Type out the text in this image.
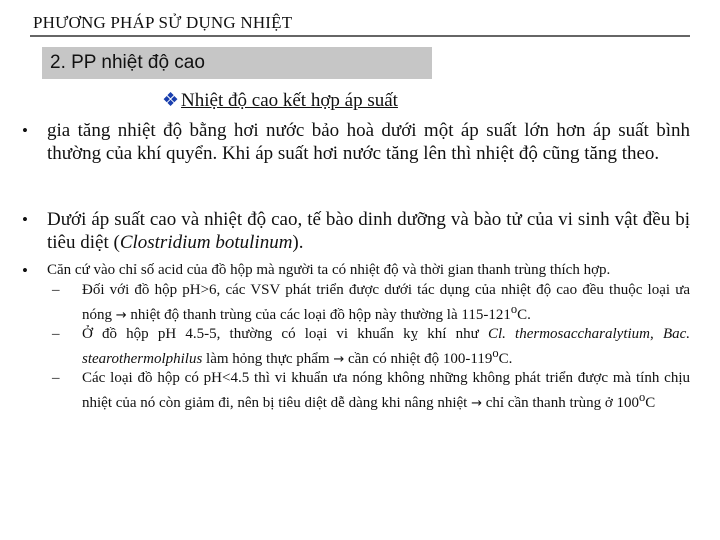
PHƯƠNG PHÁP SỬ DỤNG NHIỆT
2. PP nhiệt độ cao
❖ Nhiệt độ cao kết hợp áp suất
•	gia tăng nhiệt độ bằng hơi nước bảo hoà dưới một áp suất lớn hơn áp suất bình thường của khí quyển. Khi áp suất hơi nước tăng lên thì nhiệt độ cũng tăng theo.
•	Dưới áp suất cao và nhiệt độ cao, tế bào dinh dưỡng và bào tử của vi sinh vật đều bị tiêu diệt (Clostridium botulinum).
•	Căn cứ vào chỉ số acid của đồ hộp mà người ta có nhiệt độ và thời gian thanh trùng thích hợp.
–	Đối với đồ hộp pH>6, các VSV phát triển được dưới tác dụng của nhiệt độ cao đều thuộc loại ưa nóng → nhiệt độ thanh trùng của các loại đồ hộp này thường là 115-121$^o$C.
–	Ở đồ hộp pH 4.5-5, thường có loại vi khuẩn kỵ khí như Cl. thermosaccharalytium, Bac. stearothermolphilus làm hỏng thực phẩm → cần có nhiệt độ 100-119$^o$C.
–	Các loại đồ hộp có pH<4.5 thì vi khuẩn ưa nóng không những không phát triển được mà tính chịu nhiệt của nó còn giảm đi, nên bị tiêu diệt dễ dàng khi nâng nhiệt → chỉ cần thanh trùng ở 100$^o$C
